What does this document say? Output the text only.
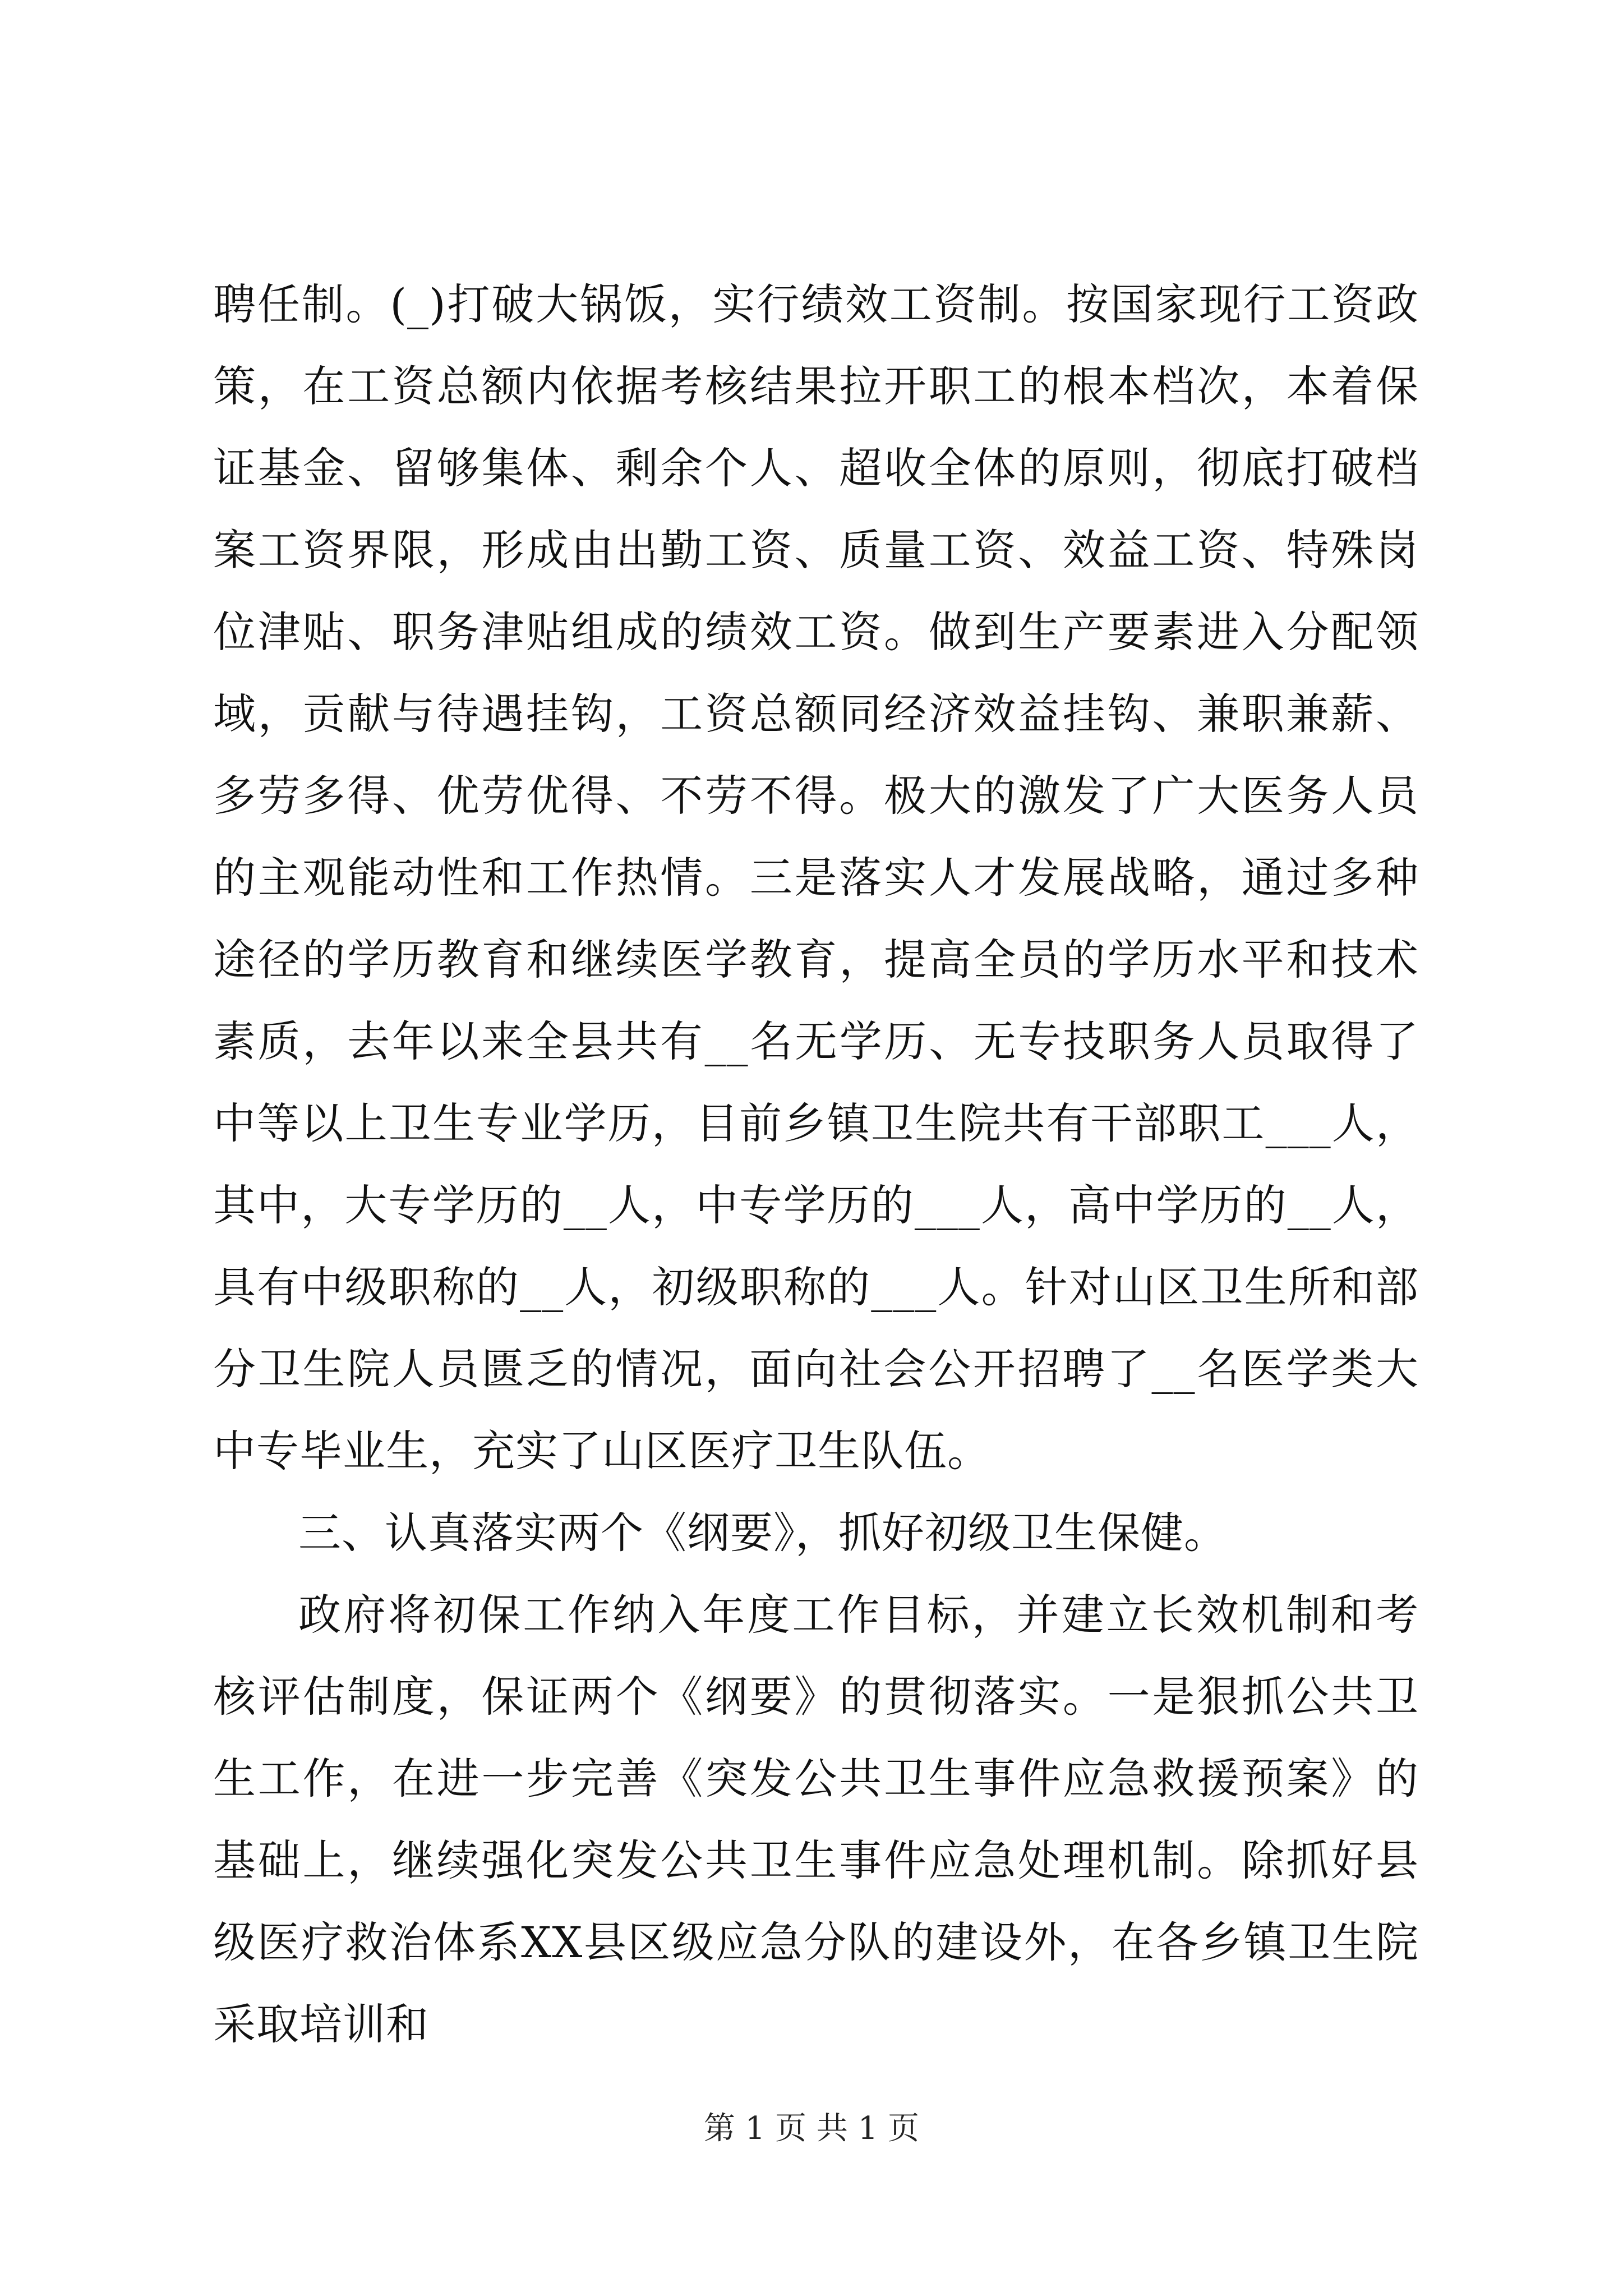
聘任制。(_)打破大锅饭，实行绩效工资制。按国家现行工资政策，在工资总额内依据考核结果拉开职工的根本档次，本着保证基金、留够集体、剩余个人、超收全体的原则，彻底打破档案工资界限，形成由出勤工资、质量工资、效益工资、特殊岗位津贴、职务津贴组成的绩效工资。做到生产要素进入分配领域，贡献与待遇挂钩，工资总额同经济效益挂钩、兼职兼薪、多劳多得、优劳优得、不劳不得。极大的激发了广大医务人员的主观能动性和工作热情。三是落实人才发展战略，通过多种途径的学历教育和继续医学教育，提高全员的学历水平和技术素质，去年以来全县共有__名无学历、无专技职务人员取得了中等以上卫生专业学历，目前乡镇卫生院共有干部职工___人，其中，大专学历的__人，中专学历的___人，高中学历的__人，具有中级职称的__人，初级职称的___人。针对山区卫生所和部分卫生院人员匮乏的情况，面向社会公开招聘了__名医学类大中专毕业生，充实了山区医疗卫生队伍。

三、认真落实两个《纲要》，抓好初级卫生保健。

政府将初保工作纳入年度工作目标，并建立长效机制和考核评估制度，保证两个《纲要》的贯彻落实。一是狠抓公共卫生工作，在进一步完善《突发公共卫生事件应急救援预案》的基础上，继续强化突发公共卫生事件应急处理机制。除抓好县级医疗救治体系XX县区级应急分队的建设外，在各乡镇卫生院采取培训和

第 1 页 共 1 页
